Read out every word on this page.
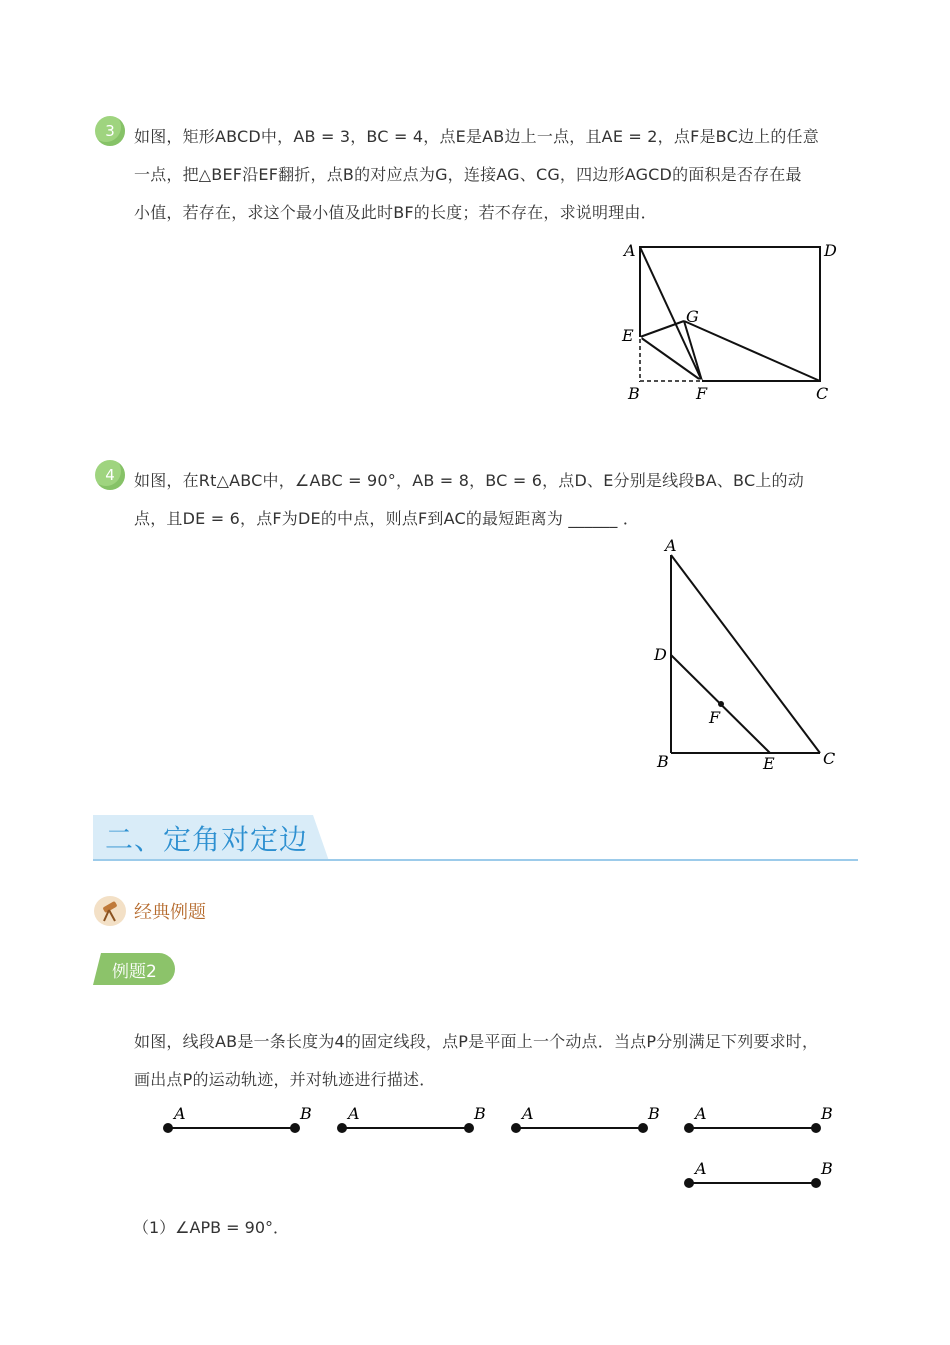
3 如图，矩形ABCD中，AB = 3，BC = 4，点E是AB边上一点，且AE = 2，点F是BC边上的任意
一点，把△BEF沿EF翻折，点B的对应点为G，连接AG、CG，四边形AGCD的面积是否存在最
小值，若存在，求这个最小值及此时BF的长度；若不存在，求说明理由．
A	D
G
E
B	F	C
4 如图，在Rt△ABC中，∠ABC = 90°，AB = 8，BC = 6，点D、E分别是线段BA、BC上的动
点，且DE = 6，点F为DE的中点，则点F到AC的最短距离为 ______ ．
A
D
F
B	E	C
二、定角对定边
经典例题
例题2
如图，线段AB是一条长度为4的固定线段，点P是平面上一个动点．当点P分别满足下列要求时，
画出点P的运动轨迹，并对轨迹进行描述．
A	B A	B A	B A	B
A	B
（1）∠APB = 90°．
